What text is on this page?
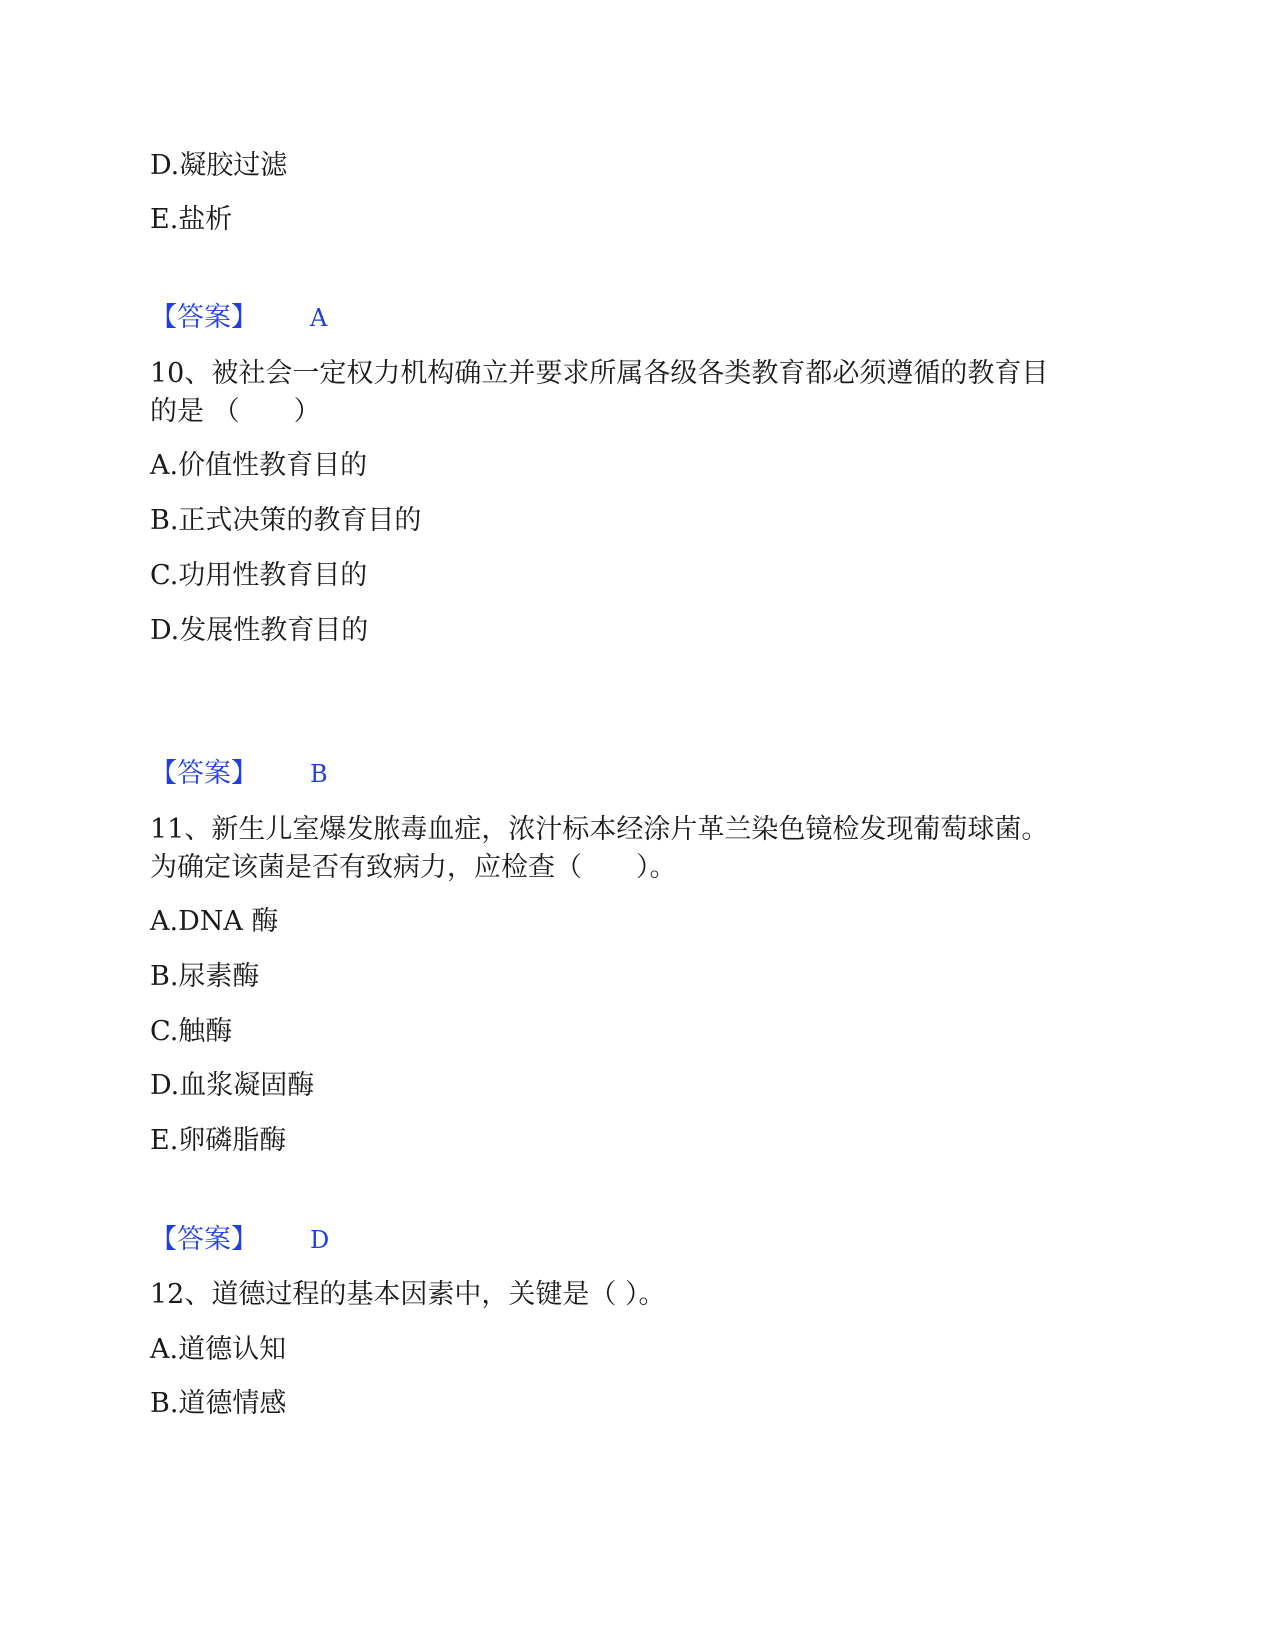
D.凝胶过滤
E.盐析
【答案】 A
10、被社会一定权力机构确立并要求所属各级各类教育都必须遵循的教育目
的是 （　　）
A.价值性教育目的
B.正式决策的教育目的
C.功用性教育目的
D.发展性教育目的
【答案】 B
11、新生儿室爆发脓毒血症，浓汁标本经涂片革兰染色镜检发现葡萄球菌。
为确定该菌是否有致病力，应检查（　　）。
A.DNA 酶
B.尿素酶
C.触酶
D.血浆凝固酶
E.卵磷脂酶
【答案】 D
12、道德过程的基本因素中，关键是（ ）。
A.道德认知
B.道德情感
